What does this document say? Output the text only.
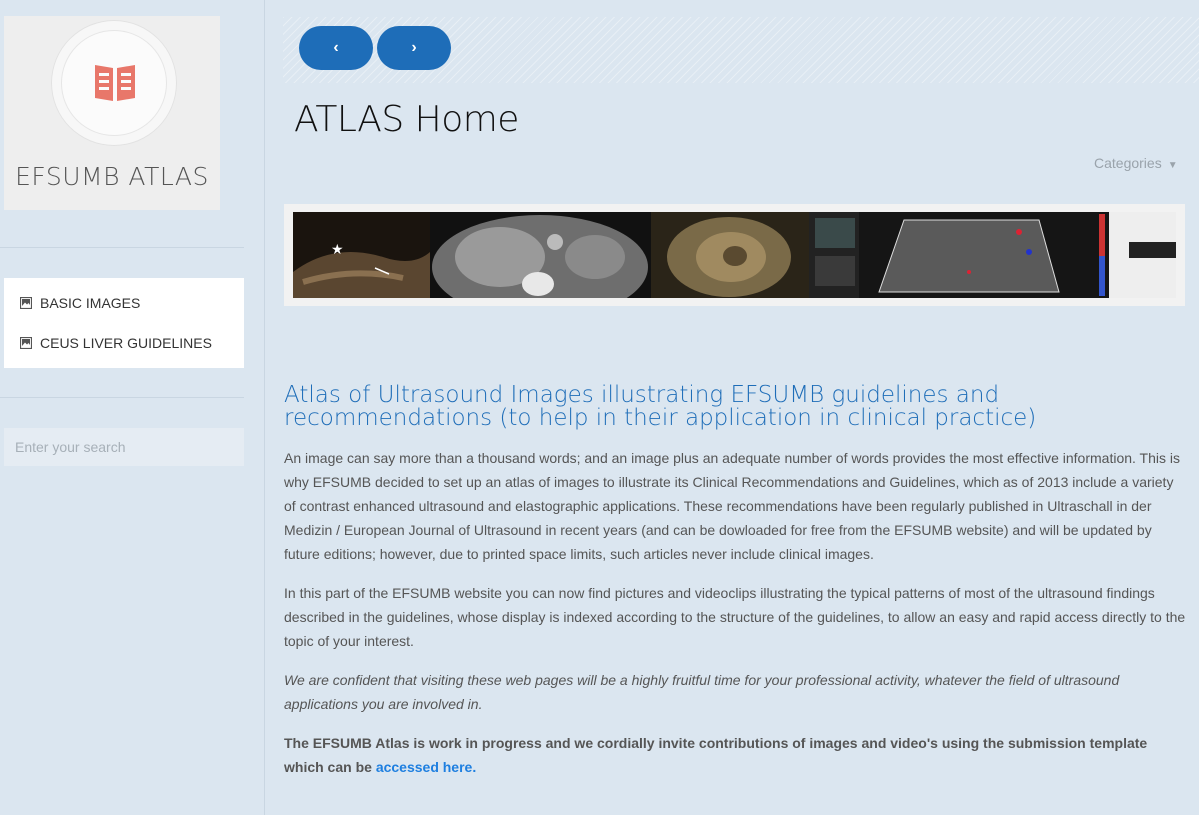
EFSUMB ATLAS
BASIC IMAGES
CEUS LIVER GUIDELINES
Enter your search
‹	›
ATLAS Home
Categories ▼
★
Atlas of Ultrasound Images illustrating EFSUMB guidelines and recommendations (to help in their application in clinical practice)

An image can say more than a thousand words; and an image plus an adequate number of words provides the most effective information. This is why EFSUMB decided to set up an atlas of images to illustrate its Clinical Recommendations and Guidelines, which as of 2013 include a variety of contrast enhanced ultrasound and elastographic applications. These recommendations have been regularly published in Ultraschall in der Medizin / European Journal of Ultrasound in recent years (and can be dowloaded for free from the EFSUMB website) and will be updated by future editions; however, due to printed space limits, such articles never include clinical images.

In this part of the EFSUMB website you can now find pictures and videoclips illustrating the typical patterns of most of the ultrasound findings described in the guidelines, whose display is indexed according to the structure of the guidelines, to allow an easy and rapid access directly to the topic of your interest.

We are confident that visiting these web pages will be a highly fruitful time for your professional activity, whatever the field of ultrasound applications you are involved in.

The EFSUMB Atlas is work in progress and we cordially invite contributions of images and video's using the submission template which can be accessed here.
